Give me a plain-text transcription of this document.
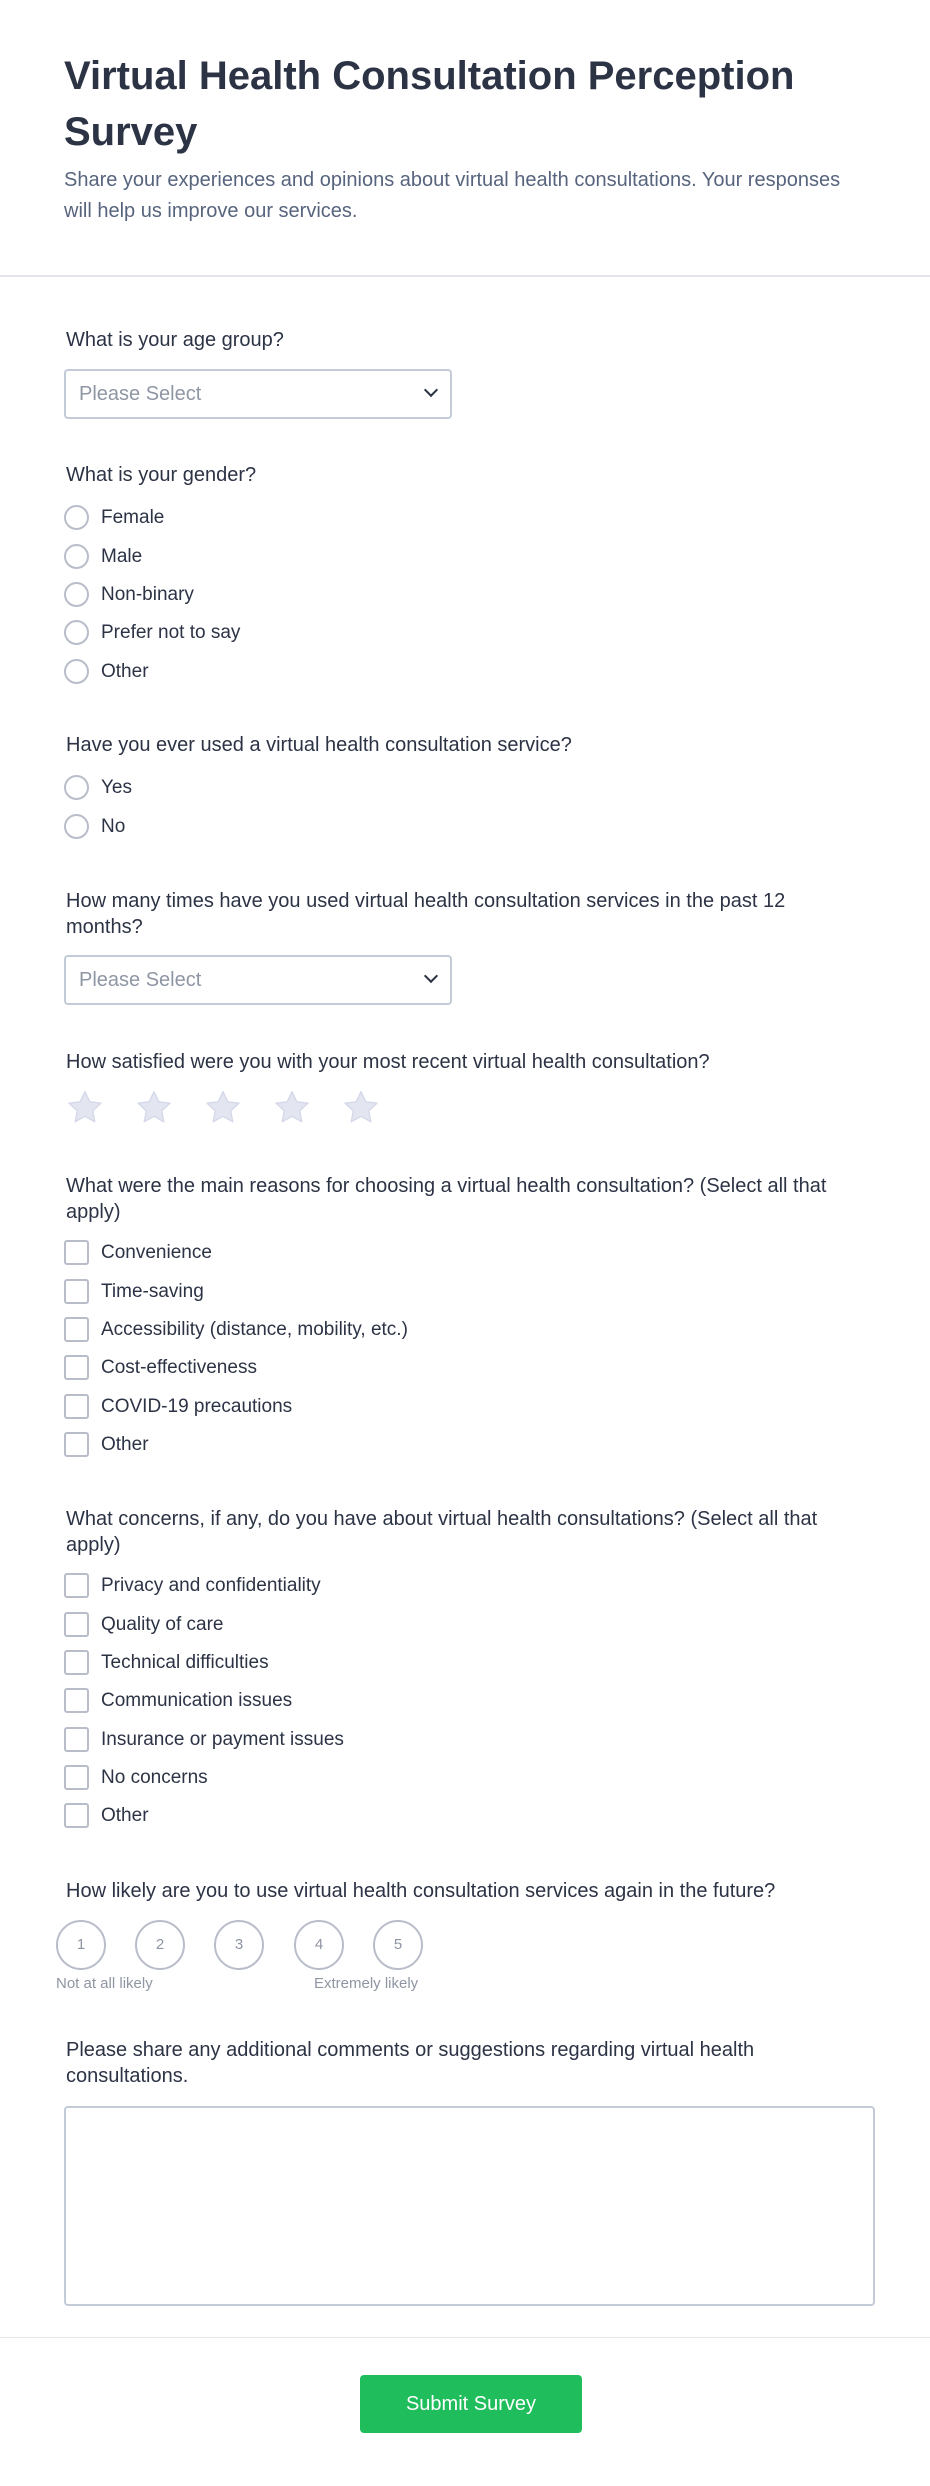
Virtual Health Consultation Perception Survey

Share your experiences and opinions about virtual health consultations. Your responses will help us improve our services.

What is your age group?
Please Select
What is your gender?
Female
Male
Non-binary
Prefer not to say
Other
Have you ever used a virtual health consultation service?
Yes
No
How many times have you used virtual health consultation services in the past 12 months?
Please Select
How satisfied were you with your most recent virtual health consultation?
What were the main reasons for choosing a virtual health consultation? (Select all that apply)
Convenience
Time-saving
Accessibility (distance, mobility, etc.)
Cost-effectiveness
COVID-19 precautions
Other
What concerns, if any, do you have about virtual health consultations? (Select all that apply)
Privacy and confidentiality
Quality of care
Technical difficulties
Communication issues
Insurance or payment issues
No concerns
Other
How likely are you to use virtual health consultation services again in the future?
1	2	3	4	5
Not at all likely	Extremely likely
Please share any additional comments or suggestions regarding virtual health consultations.
Submit Survey
